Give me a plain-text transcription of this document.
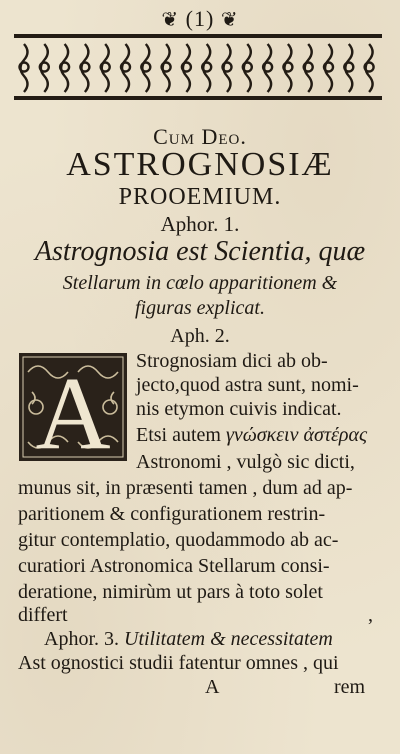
❦ (1) ❦
Cum Deo.
ASTROGNOSIÆ
PROOEMIUM.
Aphor. 1.
Astrognosia est Scientia, quæ
Stellarum in cœlo apparitionem &
figuras explicat.
Aph. 2.
A Strognosiam dici ab ob-
jecto,quod astra sunt, nomi-
nis etymon cuivis indicat.
Etsi autem γνώσκειν ἀστέρας
Astronomi , vulgò sic dicti,
munus sit, in præsenti tamen , dum ad ap-
paritionem & configurationem restrin-
gitur contemplatio, quodammodo ab ac-
curatiori Astronomica Stellarum consi-
deratione, nimirùm ut pars à toto solet
differt	,
Aphor. 3. Utilitatem & necessitatem
Ast ognostici studii fatentur omnes , qui
A	rem
